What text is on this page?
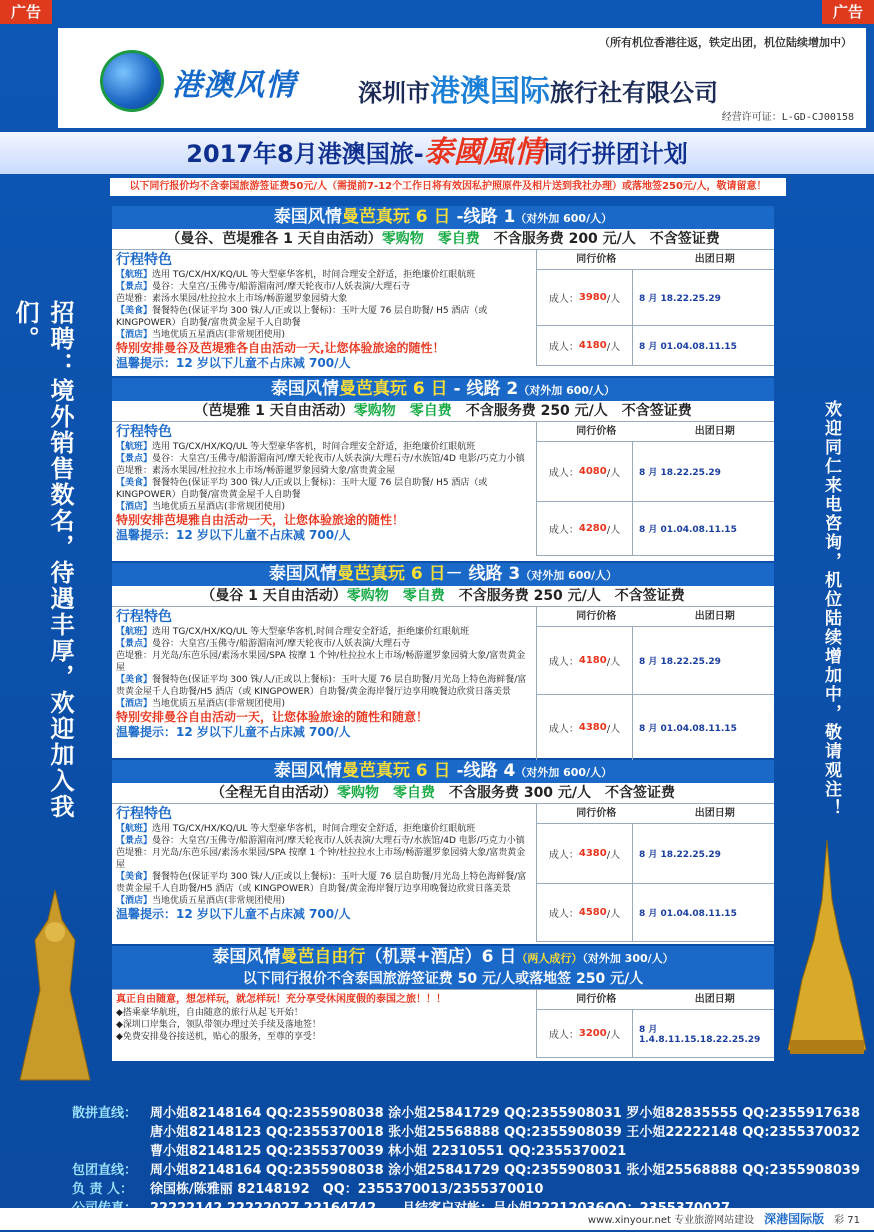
广告	广告
（所有机位香港往返，铁定出团，机位陆续增加中）
港澳风情	深圳市港澳国际旅行社有限公司
经营许可证：L-GD-CJ00158
2017年8月港澳国旅-泰國風情同行拼团计划
以下同行报价均不含泰国旅游签证费50元/人（需提前7-12个工作日将有效因私护照原件及相片送到我社办理）或落地签250元/人，敬请留意！
招聘：境外销售数名，待遇丰厚，欢迎加入我们。
欢迎同仁来电咨询，机位陆续增加中，敬请观注！
泰国风情曼芭真玩 6 日 -线路 1（对外加 600/人）
（曼谷、芭堤雅各 1 天自由活动）零购物　零自费　不含服务费 200 元/人　不含签证费
行程特色
【航班】选用 TG/CX/HX/KQ/UL 等大型豪华客机，时间合理安全舒适，拒绝廉价红眼航班
【景点】曼谷：大皇宫/玉佛寺/船游湄南河/摩天轮夜市/人妖表演/大理石寺
芭堤雅：素汤水果园/杜拉拉水上市场/畅游暹罗象园骑大象
【美食】餐餐特色(保证平均 300 铢/人/正或以上餐标)：玉叶大厦 76 层自助餐/ H5 酒店（或KINGPOWER）自助餐/富贵黄金屋千人自助餐
【酒店】当地优质五星酒店(非常规团使用)
特别安排曼谷及芭堤雅各自由活动一天,让您体验旅途的随性！
温馨提示：12 岁以下儿童不占床减 700/人
同行价格	出团日期
成人： 3980 /人	8 月 18.22.25.29
成人： 4180 /人	8 月 01.04.08.11.15
泰国风情曼芭真玩 6 日 - 线路 2（对外加 600/人）
（芭堤雅 1 天自由活动）零购物　零自费　不含服务费 250 元/人　不含签证费
行程特色
【航班】选用 TG/CX/HX/KQ/UL 等大型豪华客机，时间合理安全舒适，拒绝廉价红眼航班
【景点】曼谷：大皇宫/玉佛寺/船游湄南河/摩天轮夜市/人妖表演/大理石寺/水族馆/4D 电影/巧克力小镇
芭堤雅：素汤水果园/杜拉拉水上市场/畅游暹罗象园骑大象/富贵黄金屋
【美食】餐餐特色(保证平均 300 铢/人/正或以上餐标)：玉叶大厦 76 层自助餐/ H5 酒店（或KINGPOWER）自助餐/富贵黄金屋千人自助餐
【酒店】当地优质五星酒店(非常规团使用)
特别安排芭堤雅自由活动一天，让您体验旅途的随性！
温馨提示：12 岁以下儿童不占床减 700/人
同行价格	出团日期
成人： 4080 /人	8 月 18.22.25.29
成人： 4280 /人	8 月 01.04.08.11.15
泰国风情曼芭真玩 6 日－ 线路 3（对外加 600/人）
（曼谷 1 天自由活动）零购物　零自费　不含服务费 250 元/人　不含签证费
行程特色
【航班】选用 TG/CX/HX/KQ/UL 等大型豪华客机,时间合理安全舒适，拒绝廉价红眼航班
【景点】曼谷：大皇宫/玉佛寺/船游湄南河/摩天轮夜市/人妖表演/大理石寺
芭堤雅：月光岛/东芭乐园/素汤水果园/SPA 按摩 1 个钟/杜拉拉水上市场/畅游暹罗象园骑大象/富贵黄金屋
【美食】餐餐特色(保证平均 300 铢/人/正或以上餐标)：玉叶大厦 76 层自助餐/月光岛上特色海鲜餐/富贵黄金屋千人自助餐/H5 酒店（或 KINGPOWER）自助餐/黄金海岸餐厅边享用晚餐边欣赏日落美景
【酒店】当地优质五星酒店(非常规团使用)
特别安排曼谷自由活动一天，让您体验旅途的随性和随意！
温馨提示：12 岁以下儿童不占床减 700/人
同行价格	出团日期
成人： 4180 /人	8 月 18.22.25.29
成人： 4380 /人	8 月 01.04.08.11.15
泰国风情曼芭真玩 6 日 -线路 4（对外加 600/人）
（全程无自由活动）零购物　零自费　不含服务费 300 元/人　不含签证费
行程特色
【航班】选用 TG/CX/HX/KQ/UL 等大型豪华客机，时间合理安全舒适，拒绝廉价红眼航班
【景点】曼谷：大皇宫/玉佛寺/船游湄南河/摩天轮夜市/人妖表演/大理石寺/水族馆/4D 电影/巧克力小镇
芭堤雅：月光岛/东芭乐园/素汤水果园/SPA 按摩 1 个钟/杜拉拉水上市场/畅游暹罗象园骑大象/富贵黄金屋
【美食】餐餐特色(保证平均 300 铢/人/正或以上餐标)：玉叶大厦 76 层自助餐/月光岛上特色海鲜餐/富贵黄金屋千人自助餐/H5 酒店（或 KINGPOWER）自助餐/黄金海岸餐厅边享用晚餐边欣赏日落美景
【酒店】当地优质五星酒店(非常规团使用)
温馨提示：12 岁以下儿童不占床减 700/人
同行价格	出团日期
成人： 4380 /人	8 月 18.22.25.29
成人： 4580 /人	8 月 01.04.08.11.15
泰国风情曼芭自由行（机票+酒店）6 日（两人成行）（对外加 300/人）
以下同行报价不含泰国旅游签证费 50 元/人或落地签 250 元/人
真正自由随意，想怎样玩，就怎样玩！充分享受休闲度假的泰国之旅！！！
◆搭乘豪华航班，自由随意的旅行从起飞开始！
◆深圳口岸集合，领队带领办理过关手续及落地签！
◆免费安排曼谷接送机，贴心的服务，至尊的享受！
同行价格	出团日期
成人： 3200 /人	8 月 1.4.8.11.15.18.22.25.29
散拼直线： 周小姐82148164 QQ:2355908038 涂小姐25841729 QQ:2355908031 罗小姐82835555 QQ:2355917638
唐小姐82148123 QQ:2355370018 张小姐25568888 QQ:2355908039 王小姐22222148 QQ:2355370032
曹小姐82148125 QQ:2355370039 林小姐 22310551 QQ:2355370021
包团直线： 周小姐82148164 QQ:2355908038 涂小姐25841729 QQ:2355908031 张小姐25568888 QQ:2355908039
负 责 人： 徐国栋/陈雅丽 82148192　QQ：2355370013/2355370010
www.xinyour.net 专业旅游网站建设　 深港国际版　 彩 71
